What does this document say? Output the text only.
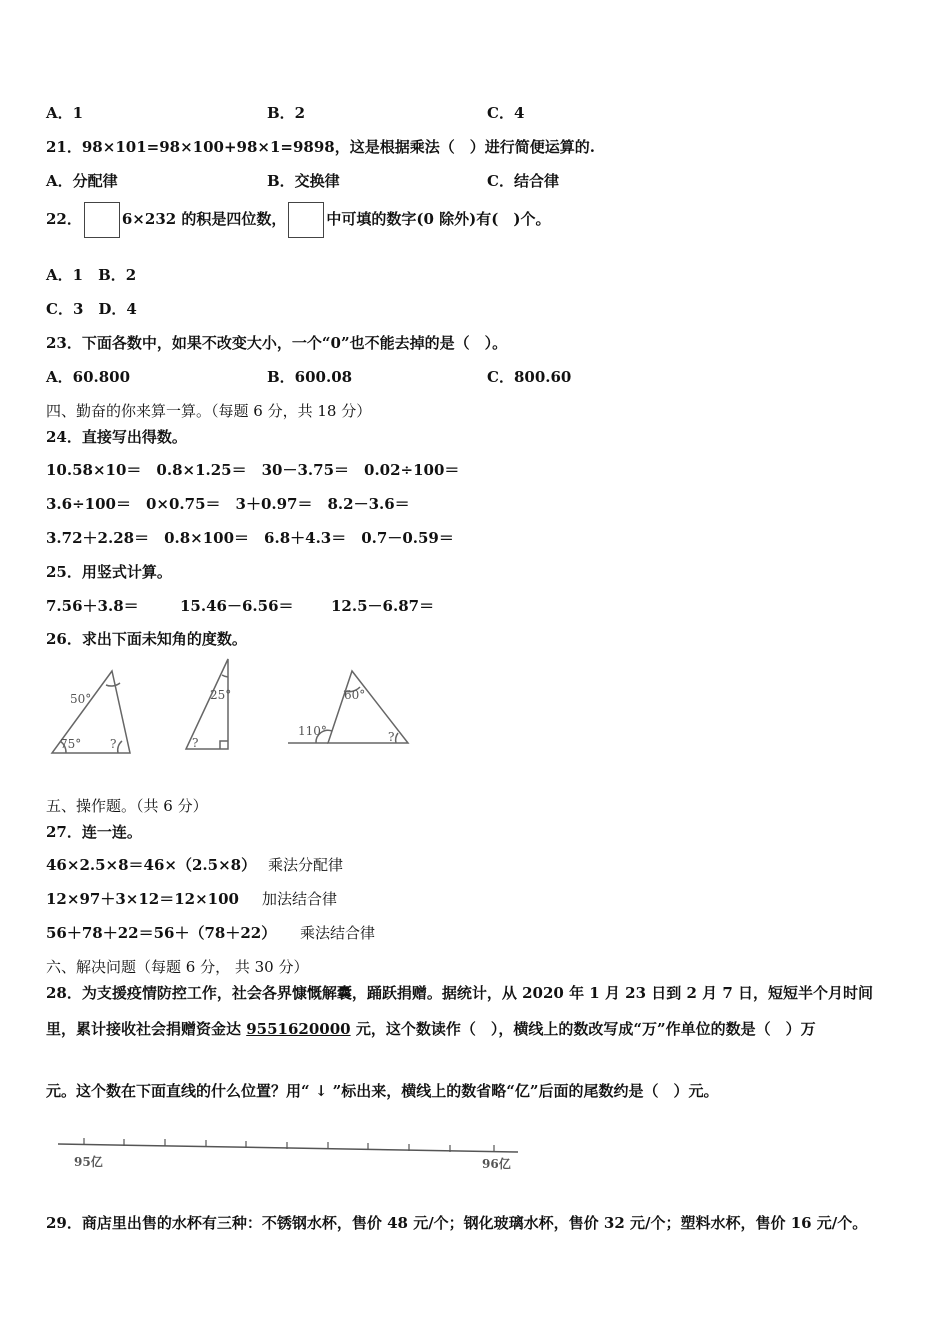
A．1	B．2	C．4
21．98×101=98×100+98×1=9898，这是根据乘法（　）进行简便运算的.
A．分配律	B．交换律	C．结合律
22．	6×232 的积是四位数，	中可填的数字(0 除外)有(　)个。
A．1　B．2
C．3　D．4
23．下面各数中，如果不改变大小，一个“0”也不能去掉的是（　）。
A．60.800	B．600.08	C．800.60
四、勤奋的你来算一算。（每题 6 分，共 18 分）
24．直接写出得数。
10.58×10＝　0.8×1.25＝　30－3.75＝　0.02÷100＝
3.6÷100＝　0×0.75＝　3＋0.97＝　8.2－3.6＝
3.72＋2.28＝　0.8×100＝　6.8＋4.3＝　0.7－0.59＝
25．用竖式计算。
7.56＋3.8＝	15.46－6.56＝ 12.5－6.87＝
26．求出下面未知角的度数。
50°
75° ?
25°
?
60°
110°	?
五、操作题。（共 6 分）
27．连一连。
46×2.5×8＝46×（2.5×8） 乘法分配律
12×97＋3×12＝12×100 加法结合律
56＋78＋22＝56＋（78＋22） 乘法结合律
六、解决问题（每题 6 分， 共 30 分）
28．为支援疫情防控工作，社会各界慷慨解囊，踊跃捐赠。据统计，从 2020 年 1 月 23 日到 2 月 7 日，短短半个月时间
里，累计接收社会捐赠资金达 9551620000 元，这个数读作（　），横线上的数改写成“万”作单位的数是（　）万
元。这个数在下面直线的什么位置？用“ ↓ ”标出来，横线上的数省略“亿”后面的尾数约是（　）元。
95亿	96亿
29．商店里出售的水杯有三种：不锈钢水杯，售价 48 元/个；钢化玻璃水杯，售价 32 元/个；塑料水杯，售价 16 元/个。
